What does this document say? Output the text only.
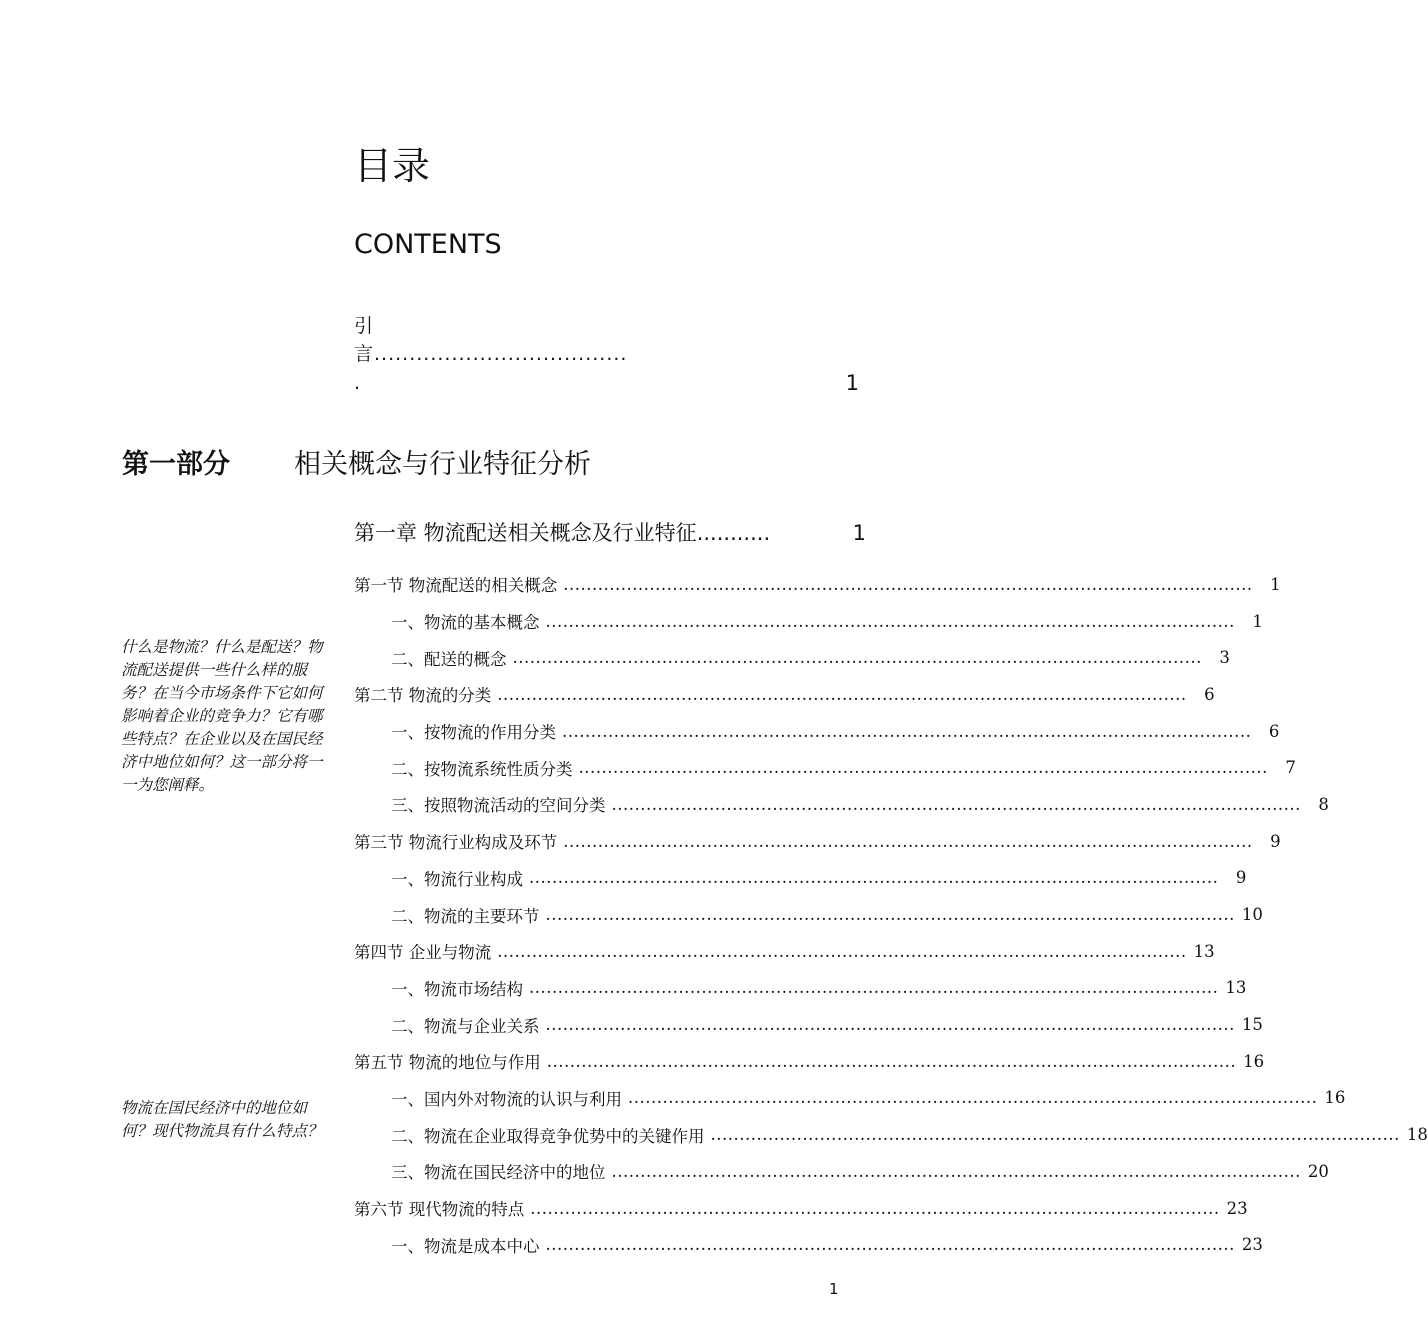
目录
CONTENTS
引
言....................................
.	1
第一部分 相关概念与行业特征分析
第一章 物流配送相关概念及行业特征 ...........	1
什么是物流？什么是配送？物流配送提供一些什么样的服务？在当今市场条件下它如何影响着企业的竞争力？它有哪些特点？在企业以及在国民经济中地位如何？这一部分将一一为您阐释。
物流在国民经济中的地位如何？现代物流具有什么特点？
第一节 物流配送的相关概念 ........................................................................................................................	1
一、物流的基本概念 ........................................................................................................................	1
二、配送的概念 ........................................................................................................................	3
第二节 物流的分类 ........................................................................................................................	6
一、按物流的作用分类 ........................................................................................................................	6
二、按物流系统性质分类 ........................................................................................................................	7
三、按照物流活动的空间分类 ........................................................................................................................	8
第三节 物流行业构成及环节 ........................................................................................................................	9
一、物流行业构成 ........................................................................................................................	9
二、物流的主要环节 ........................................................................................................................ 10
第四节 企业与物流 ........................................................................................................................ 13
一、物流市场结构 ........................................................................................................................ 13
二、物流与企业关系 ........................................................................................................................ 15
第五节 物流的地位与作用 ........................................................................................................................ 16
一、国内外对物流的认识与利用 ........................................................................................................................ 16
二、物流在企业取得竞争优势中的关键作用 ........................................................................................................................ 18
三、物流在国民经济中的地位 ........................................................................................................................ 20
第六节 现代物流的特点 ........................................................................................................................ 23
一、物流是成本中心 ........................................................................................................................ 23
1
